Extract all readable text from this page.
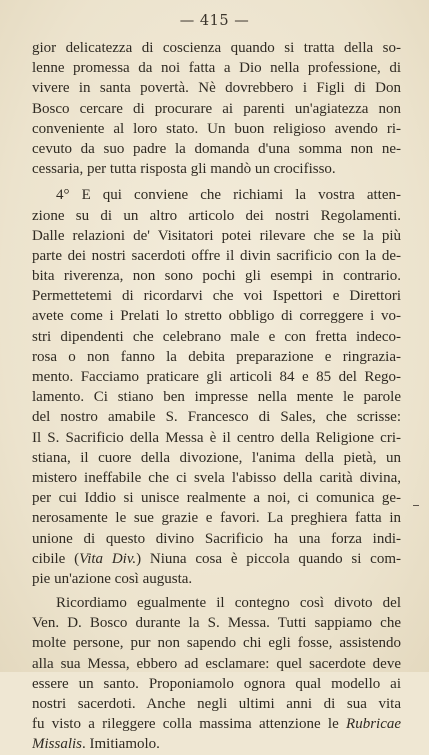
— 415 —
gior delicatezza di coscienza quando si tratta della so-
lenne promessa da noi fatta a Dio nella professione, di
vivere in santa povertà. Nè dovrebbero i Figli di Don
Bosco cercare di procurare ai parenti un'agiatezza non
conveniente al loro stato. Un buon religioso avendo ri-
cevuto da suo padre la domanda d'una somma non ne-
cessaria, per tutta risposta gli mandò un crocifisso.
4° E qui conviene che richiami la vostra atten-
zione su di un altro articolo dei nostri Regolamenti.
Dalle relazioni de' Visitatori potei rilevare che se la più
parte dei nostri sacerdoti offre il divin sacrificio con la de-
bita riverenza, non sono pochi gli esempi in contrario.
Permettetemi di ricordarvi che voi Ispettori e Direttori
avete come i Prelati lo stretto obbligo di correggere i vo-
stri dipendenti che celebrano male e con fretta indeco-
rosa o non fanno la debita preparazione e ringrazia-
mento. Facciamo praticare gli articoli 84 e 85 del Rego-
lamento. Ci stiano ben impresse nella mente le parole
del nostro amabile S. Francesco di Sales, che scrisse:
Il S. Sacrificio della Messa è il centro della Religione cri-
stiana, il cuore della divozione, l'anima della pietà, un
mistero ineffabile che ci svela l'abisso della carità divina,
per cui Iddio si unisce realmente a noi, ci comunica ge-
nerosamente le sue grazie e favori. La preghiera fatta in
unione di questo divino Sacrificio ha una forza indi-
cibile (Vita Div.) Niuna cosa è piccola quando si com-
pie un'azione così augusta.
Ricordiamo egualmente il contegno così divoto del
Ven. D. Bosco durante la S. Messa. Tutti sappiamo che
molte persone, pur non sapendo chi egli fosse, assistendo
alla sua Messa, ebbero ad esclamare: quel sacerdote deve
essere un santo. Proponiamolo ognora qual modello ai
nostri sacerdoti. Anche negli ultimi anni di sua vita
fu visto a rileggere colla massima attenzione le Rubricae
Missalis. Imitiamolo.
